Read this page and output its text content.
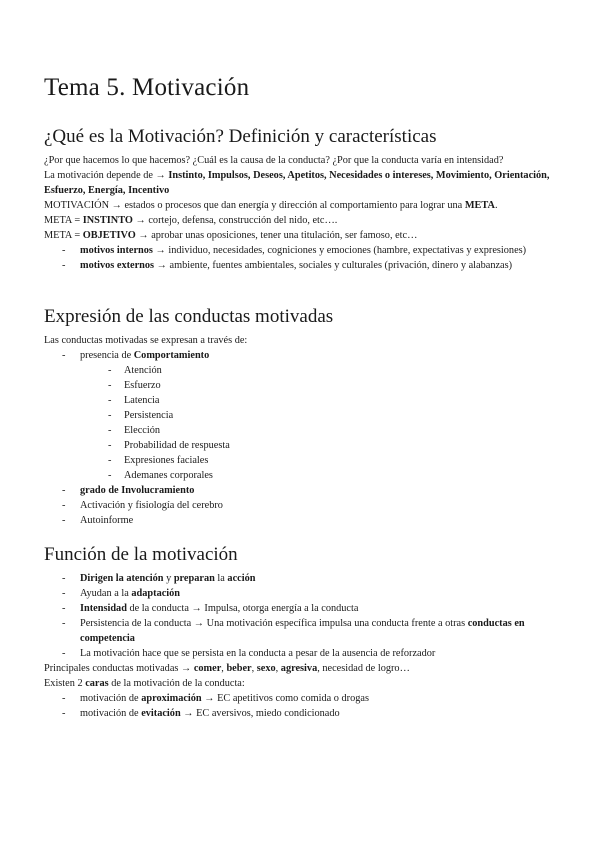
Tema 5. Motivación
¿Qué es la Motivación? Definición y características

¿Por que hacemos lo que hacemos? ¿Cuál es la causa de la conducta? ¿Por que la conducta varía en intensidad?

La motivación depende de → Instinto, Impulsos, Deseos, Apetitos, Necesidades o intereses, Movimiento, Orientación, Esfuerzo, Energía, Incentivo

MOTIVACIÓN → estados o procesos que dan energía y dirección al comportamiento para lograr una META.

META = INSTINTO → cortejo, defensa, construcción del nido, etc….

META = OBJETIVO → aprobar unas oposiciones, tener una titulación, ser famoso, etc…

- motivos internos → individuo, necesidades, cogniciones y emociones (hambre, expectativas y expresiones)
- motivos externos → ambiente, fuentes ambientales, sociales y culturales (privación, dinero y alabanzas)
Expresión de las conductas motivadas

Las conductas motivadas se expresan a través de:

- presencia de Comportamiento
- Atención
- Esfuerzo
- Latencia
- Persistencia
- Elección
- Probabilidad de respuesta
- Expresiones faciales
- Ademanes corporales
- grado de Involucramiento
- Activación y fisiología del cerebro
- Autoinforme
Función de la motivación
- Dirigen la atención y preparan la acción
- Ayudan a la adaptación
- Intensidad de la conducta → Impulsa, otorga energía a la conducta
- Persistencia de la conducta → Una motivación específica impulsa una conducta frente a otras conductas en competencia
- La motivación hace que se persista en la conducta a pesar de la ausencia de reforzador

Principales conductas motivadas → comer, beber, sexo, agresiva, necesidad de logro…

Existen 2 caras de la motivación de la conducta:

- motivación de aproximación → EC apetitivos como comida o drogas
- motivación de evitación → EC aversivos, miedo condicionado
